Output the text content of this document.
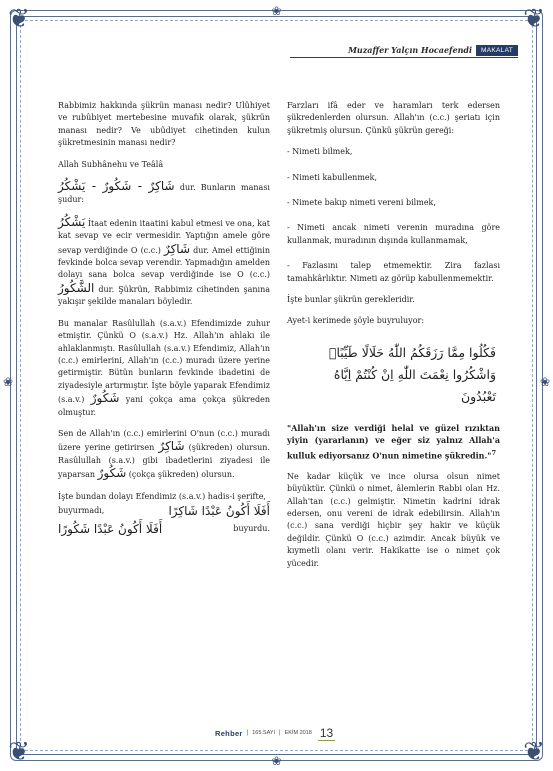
❦	❦
❦	❦
❀
❀
❀	❀
Muzaffer Yalçın Hocaefendi	MAKALAT

Rabbimiz hakkında şükrün manası nedir? Ulûhiyet ve rubûbiyet mertebesine muvafık olarak, şükrün manası nedir? Ve ubûdiyet cihetinden kulun şükretmesinin manası nedir?

Allah Subhânehu ve Teâlâ

شَاكِرٌ - شَكُورٌ - يَشْكُرُ dur. Bunların manası şudur:

يَشْكُرُ İtaat edenin itaatini kabul etmesi ve ona, kat kat sevap ve ecir vermesidir. Yaptığın amele göre sevap verdiğinde O (c.c.) شَاكِرٌ dur. Amel ettiğinin fevkinde bolca sevap verendir. Yapmadığın amelden dolayı sana bolca sevap verdiğinde ise O (c.c.) الشَّكُورُ dur. Şükrün, Rabbimiz cihetinden şanına yakışır şekilde manaları böyledir.

Bu manalar Rasûlullah (s.a.v.) Efendimizde zuhur etmiştir. Çünkü O (s.a.v.) Hz. Allah'ın ahlakı ile ahlaklanmıştı. Rasûlullah (s.a.v.) Efendimiz, Allah'ın (c.c.) emirlerini, Allah'ın (c.c.) muradı üzere yerine getirmiştir. Bütün bunların fevkinde ibadetini de ziyadesiyle artırmıştır. İşte böyle yaparak Efendimiz (s.a.v.) شَكُورٌ yani çokça ama çokça şükreden olmuştur.

Sen de Allah'ın (c.c.) emirlerini O'nun (c.c.) muradı üzere yerine getirirsen شَاكِرٌ (şükreden) olursun. Rasûlullah (s.a.v.) gibi ibadetlerini ziyadesi ile yaparsan شَكُورٌ (çokça şükreden) olursun.

İşte bundan dolayı Efendimiz (s.a.v.) hadis-i şerifte,

buyurmadı,	أَفَلَا أَكُونُ عَبْدًا شَاكِرًا
أَفَلَا أَكُونُ عَبْدًا شَكُورًا	buyurdu.

Farzları ifâ eder ve haramları terk edersen şükredenlerden olursun. Allah'ın (c.c.) şeriatı için şükretmiş olursun. Çünkü şükrün gereği:

- Nimeti bilmek,

- Nimeti kabullenmek,

- Nimete bakıp nimeti vereni bilmek,

- Nimeti ancak nimeti verenin muradına göre kullanmak, muradının dışında kullanmamak,

- Fazlasını talep etmemektir. Zira fazlası tamahkârlıktır. Nimeti az görüp kabullenmemektir.

İşte bunlar şükrün gerekleridir.

Ayet-i kerimede şöyle buyruluyor:

فَكُلُوا مِمَّا رَزَقَكُمُ اللّٰهُ حَلَالًا طَيِّبًاۖ
وَاشْكُرُوا نِعْمَتَ اللّٰهِ اِنْ كُنْتُمْ اِيَّاهُ
تَعْبُدُونَ

"Allah'ın size verdiği helal ve güzel rızıktan yiyin (yararlanın) ve eğer siz yalnız Allah'a kulluk ediyorsanız O'nun nimetine şükredin."$^7$

Ne kadar küçük ve ince olursa olsun nimet büyüktür. Çünkü o nimet, âlemlerin Rabbi olan Hz. Allah'tan (c.c.) gelmiştir. Nimetin kadrini idrak edersen, onu vereni de idrak edebilirsin. Allah'ın (c.c.) sana verdiği hiçbir şey hakir ve küçük değildir. Çünkü O (c.c.) azimdir. Ancak büyük ve kıymetli olanı verir. Hakikatte ise o nimet çok yücedir.

Rehber | 165.SAYI | EKİM 2018 13
